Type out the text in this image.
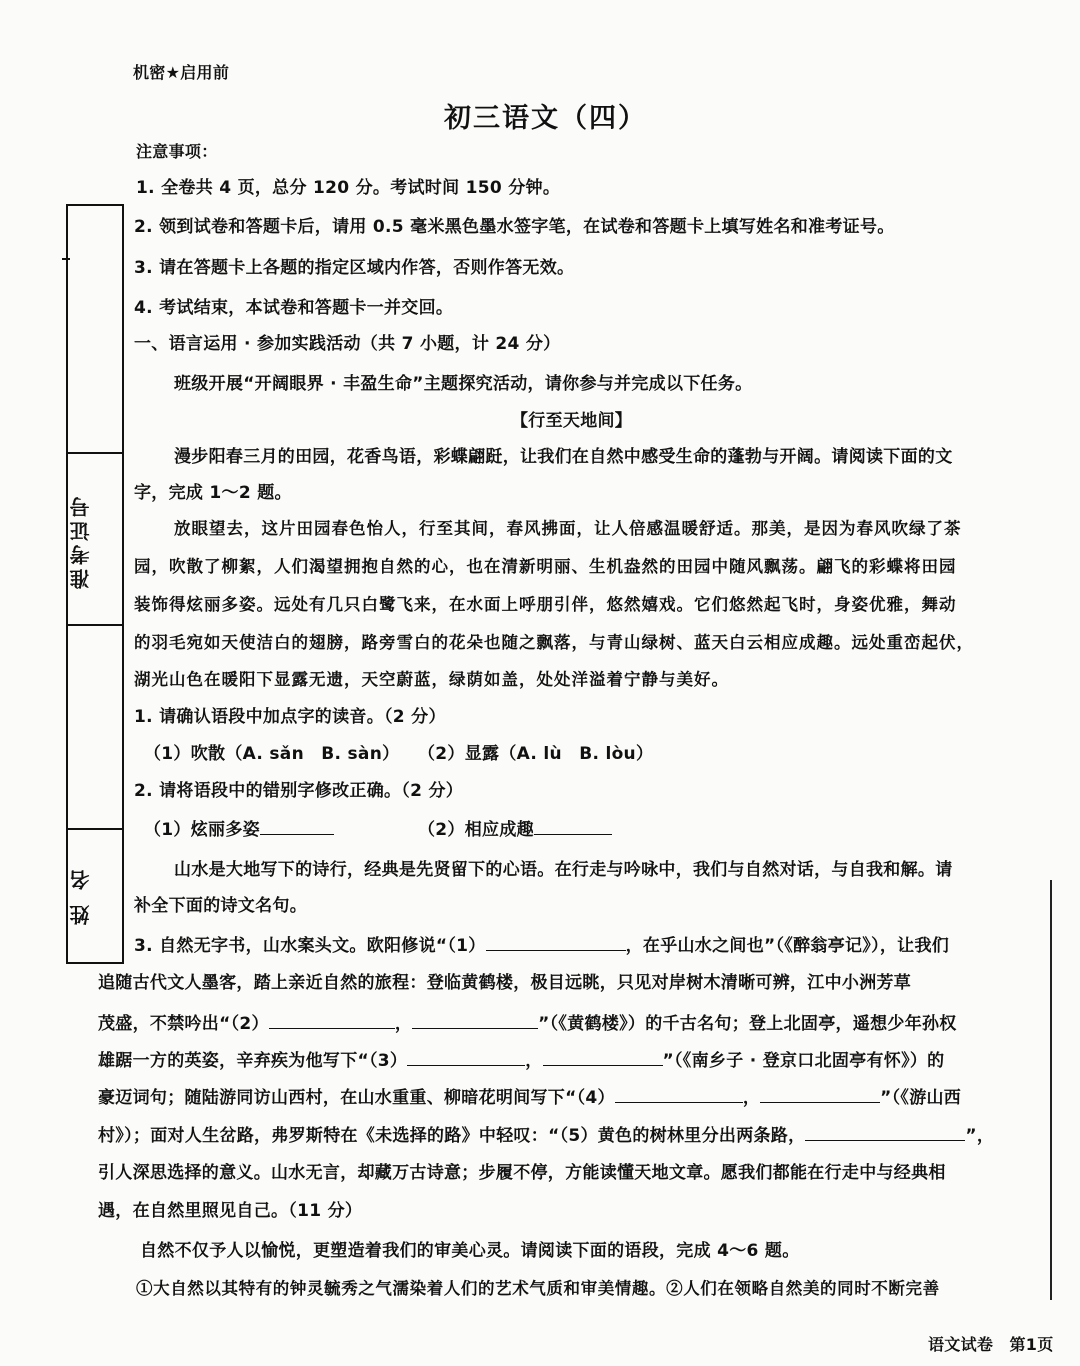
准考证号
姓 名
机密★启用前
初三语文（四）
注意事项：
1. 全卷共 4 页，总分 120 分。考试时间 150 分钟。
2. 领到试卷和答题卡后，请用 0.5 毫米黑色墨水签字笔，在试卷和答题卡上填写姓名和准考证号。
3. 请在答题卡上各题的指定区域内作答，否则作答无效。
4. 考试结束，本试卷和答题卡一并交回。
一、语言运用 · 参加实践活动（共 7 小题，计 24 分）
班级开展“开阔眼界 · 丰盈生命”主题探究活动，请你参与并完成以下任务。
【行至天地间】
漫步阳春三月的田园，花香鸟语，彩蝶翩跹，让我们在自然中感受生命的蓬勃与开阔。请阅读下面的文
字，完成 1～2 题。
放眼望去，这片田园春色怡人，行至其间，春风拂面，让人倍感温暖舒适。那美，是因为春风吹绿了茶
园，吹散了柳絮，人们渴望拥抱自然的心，也在清新明丽、生机盎然的田园中随风飘荡。翩飞的彩蝶将田园
装饰得炫丽多姿。远处有几只白鹭飞来，在水面上呼朋引伴，悠然嬉戏。它们悠然起飞时，身姿优雅，舞动
的羽毛宛如天使洁白的翅膀，路旁雪白的花朵也随之飘落，与青山绿树、蓝天白云相应成趣。远处重峦起伏，
湖光山色在暖阳下显露无遗，天空蔚蓝，绿荫如盖，处处洋溢着宁静与美好。
1. 请确认语段中加点字的读音。（2 分）
（1）吹散（A. sǎn　B. sàn） （2）显露（A. lù　B. lòu）
2. 请将语段中的错别字修改正确。（2 分）
（1）炫丽多姿	（2）相应成趣
山水是大地写下的诗行，经典是先贤留下的心语。在行走与吟咏中，我们与自然对话，与自我和解。请
补全下面的诗文名句。
3. 自然无字书，山水案头文。欧阳修说“（1）	，在乎山水之间也”（《醉翁亭记》），让我们
追随古代文人墨客，踏上亲近自然的旅程：登临黄鹤楼，极目远眺，只见对岸树木清晰可辨，江中小洲芳草
茂盛，不禁吟出“（2）	，	”（《黄鹤楼》）的千古名句；登上北固亭，遥想少年孙权
雄踞一方的英姿，辛弃疾为他写下“（3）	，	”（《南乡子 · 登京口北固亭有怀》）的
豪迈词句；随陆游同访山西村，在山水重重、柳暗花明间写下“（4）	，	”（《游山西
村》）；面对人生岔路，弗罗斯特在《未选择的路》中轻叹：“（5）黄色的树林里分出两条路，	”，
引人深思选择的意义。山水无言，却藏万古诗意；步履不停，方能读懂天地文章。愿我们都能在行走中与经典相
遇，在自然里照见自己。（11 分）
自然不仅予人以愉悦，更塑造着我们的审美心灵。请阅读下面的语段，完成 4～6 题。
①大自然以其特有的钟灵毓秀之气濡染着人们的艺术气质和审美情趣。②人们在领略自然美的同时不断完善
语文试卷　第1页
